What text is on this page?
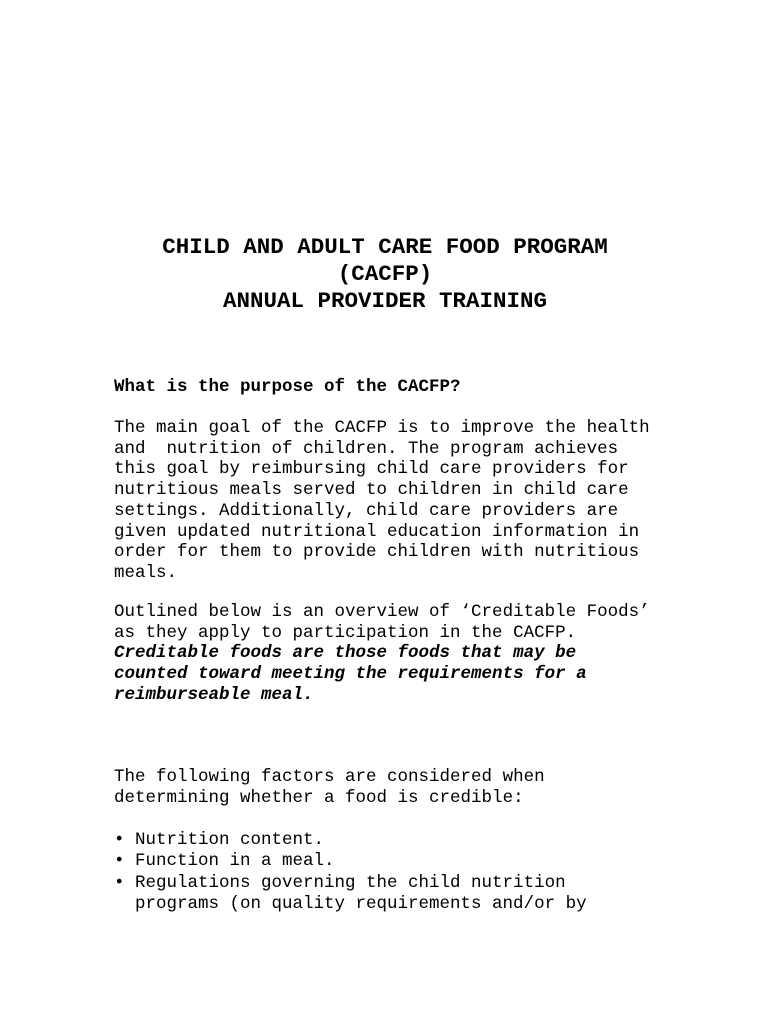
CHILD AND ADULT CARE FOOD PROGRAM
(CACFP)
ANNUAL PROVIDER TRAINING
What is the purpose of the CACFP?
The main goal of the CACFP is to improve the health
and  nutrition of children. The program achieves
this goal by reimbursing child care providers for
nutritious meals served to children in child care
settings. Additionally, child care providers are
given updated nutritional education information in
order for them to provide children with nutritious
meals.
Outlined below is an overview of ‘Creditable Foods’
as they apply to participation in the CACFP.
Creditable foods are those foods that may be
counted toward meeting the requirements for a
reimburseable meal.
The following factors are considered when
determining whether a food is credible:
• Nutrition content.
• Function in a meal.
• Regulations governing the child nutrition
programs (on quality requirements and/or by
